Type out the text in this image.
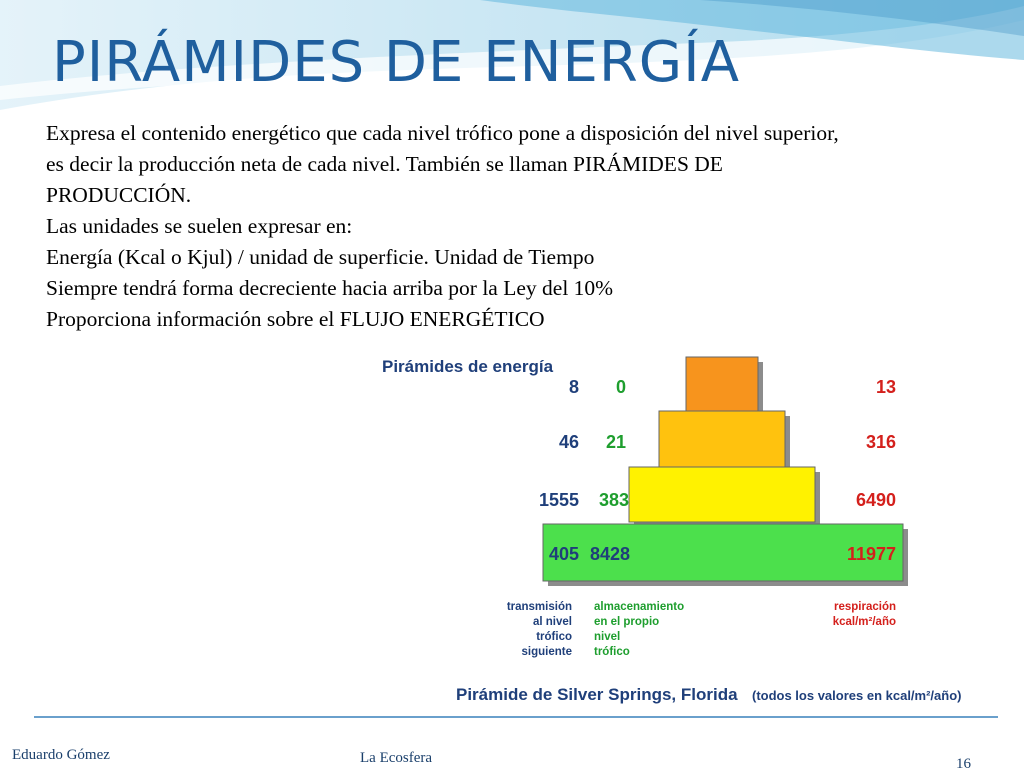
PIRÁMIDES DE ENERGÍA
Expresa el contenido energético que cada nivel trófico pone a disposición del nivel superior,
es decir la producción neta de cada nivel. También se llaman PIRÁMIDES DE
PRODUCCIÓN.
Las unidades se suelen expresar en:
Energía (Kcal o Kjul) / unidad de superficie. Unidad de Tiempo
Siempre tendrá forma decreciente hacia arriba por la Ley del 10%
Proporciona información sobre el FLUJO ENERGÉTICO
Pirámides de energía
8 0	13
46 21	316
1555 383	6490
405 8428	11977
transmisión
al nivel
trófico
siguiente
almacenamiento
en el propio
nivel
trófico
respiración
kcal/m²/año
Pirámide de Silver Springs, Florida (todos los valores en kcal/m²/año)
Eduardo Gómez	La Ecosfera	16
